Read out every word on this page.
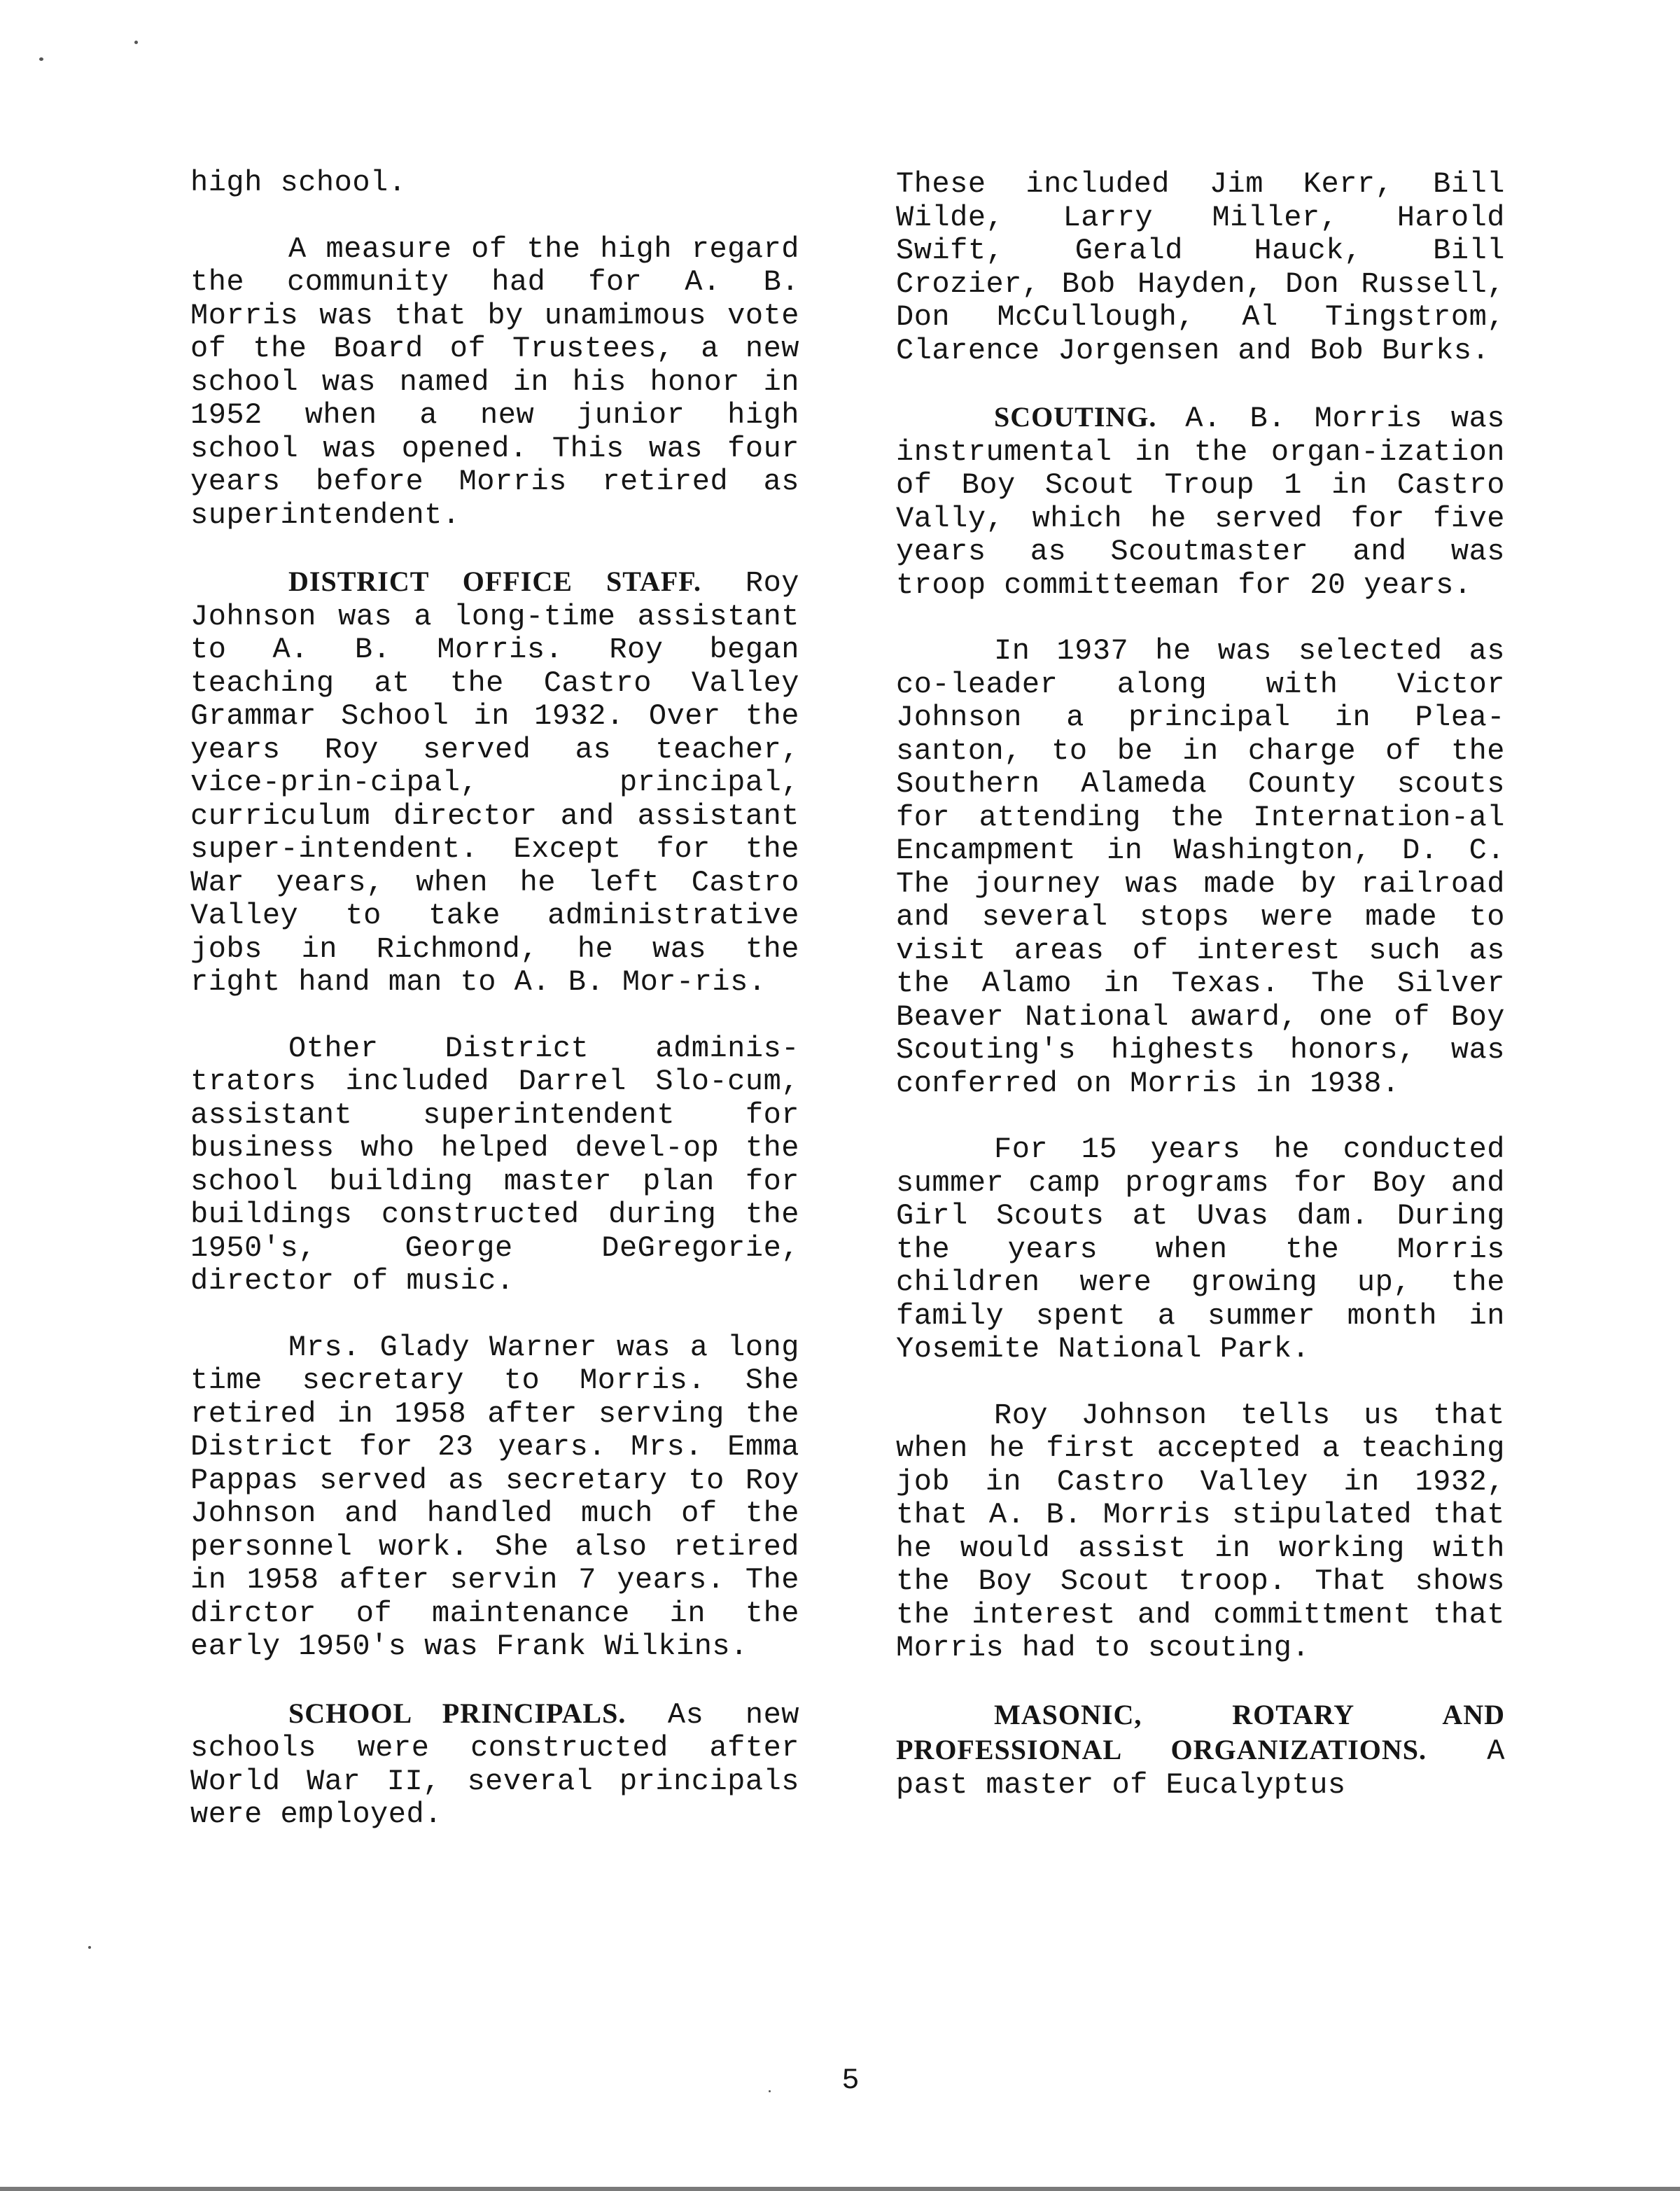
high school.

A measure of the high regard the community had for A. B. Morris was that by unamimous vote of the Board of Trustees, a new school was named in his honor in 1952 when a new junior high school was opened. This was four years before Morris retired as superintendent.

DISTRICT OFFICE STAFF. Roy Johnson was a long-time assistant to A. B. Morris. Roy began teaching at the Castro Valley Grammar School in 1932. Over the years Roy served as teacher, vice-prin-cipal, principal, curriculum director and assistant super-intendent. Except for the War years, when he left Castro Valley to take administrative jobs in Richmond, he was the right hand man to A. B. Mor-ris.

Other District adminis-trators included Darrel Slo-cum, assistant superintendent for business who helped devel-op the school building master plan for buildings constructed during the 1950's, George DeGregorie, director of music.

Mrs. Glady Warner was a long time secretary to Morris. She retired in 1958 after serving the District for 23 years. Mrs. Emma Pappas served as secretary to Roy Johnson and handled much of the personnel work. She also retired in 1958 after servin 7 years. The dirctor of maintenance in the early 1950's was Frank Wilkins.

SCHOOL PRINCIPALS. As new schools were constructed after World War II, several principals were employed.

These included Jim Kerr, Bill Wilde, Larry Miller, Harold Swift, Gerald Hauck, Bill Crozier, Bob Hayden, Don Russell, Don McCullough, Al Tingstrom, Clarence Jorgensen and Bob Burks.

SCOUTING. A. B. Morris was instrumental in the organ-ization of Boy Scout Troup 1 in Castro Vally, which he served for five years as Scoutmaster and was troop committeeman for 20 years.

In 1937 he was selected as co-leader along with Victor Johnson a principal in Plea-santon, to be in charge of the Southern Alameda County scouts for attending the Internation-al Encampment in Washington, D. C. The journey was made by railroad and several stops were made to visit areas of interest such as the Alamo in Texas. The Silver Beaver National award, one of Boy Scouting's highests honors, was conferred on Morris in 1938.

For 15 years he conducted summer camp programs for Boy and Girl Scouts at Uvas dam. During the years when the Morris children were growing up, the family spent a summer month in Yosemite National Park.

Roy Johnson tells us that when he first accepted a teaching job in Castro Valley in 1932, that A. B. Morris stipulated that he would assist in working with the Boy Scout troop. That shows the interest and committment that Morris had to scouting.

MASONIC, ROTARY AND PROFESSIONAL ORGANIZATIONS. A past master of Eucalyptus

5
